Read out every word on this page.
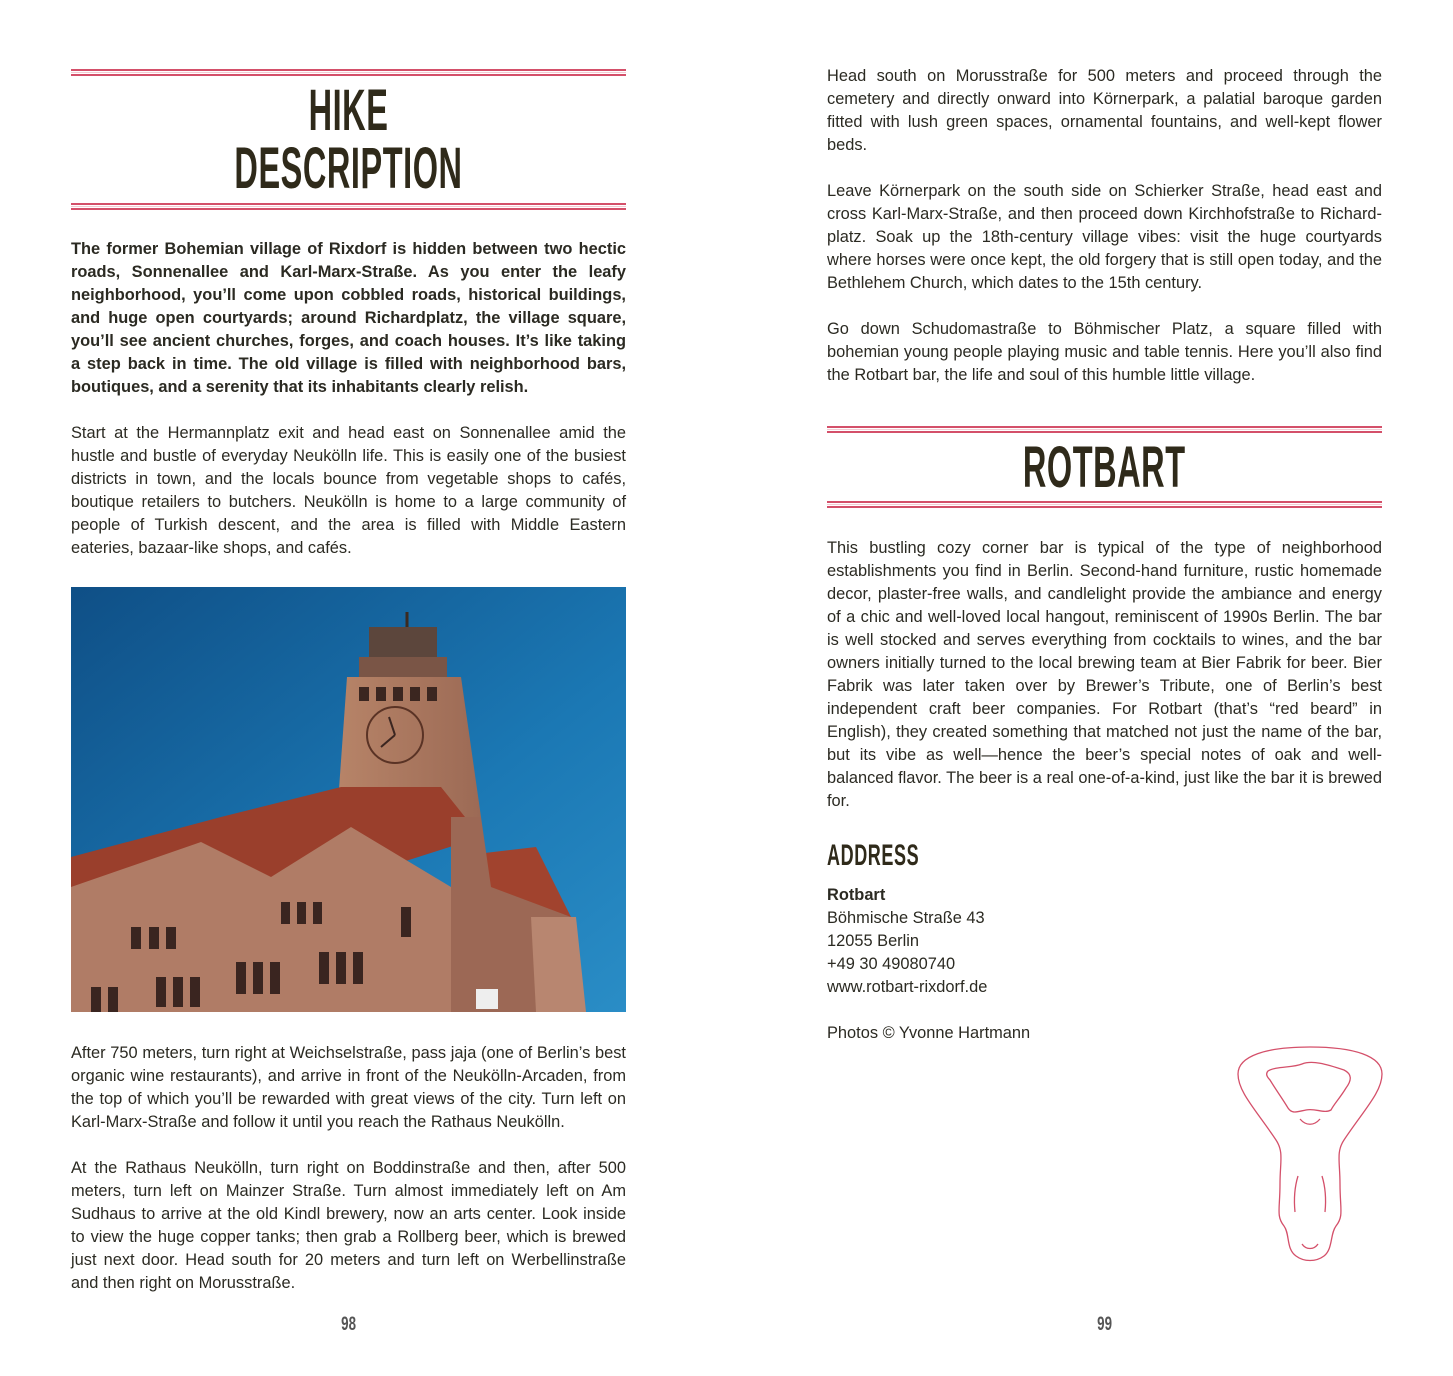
HIKE DESCRIPTION

The former Bohemian village of Rixdorf is hidden between two hectic roads, Sonnenallee and Karl-Marx-Straße. As you enter the leafy neighborhood, you’ll come upon cobbled roads, historical buildings, and huge open courtyards; around Richardplatz, the village square, you’ll see ancient churches, forges, and coach houses. It’s like taking a step back in time. The old village is filled with neighborhood bars, boutiques, and a serenity that its inhabitants clearly relish.

Start at the Hermannplatz exit and head east on Sonnenallee amid the hustle and bustle of everyday Neukölln life. This is easily one of the busiest districts in town, and the locals bounce from vegetable shops to cafés, boutique retailers to butchers. Neukölln is home to a large community of people of Turkish descent, and the area is filled with Middle Eastern eateries, bazaar-like shops, and cafés.

After 750 meters, turn right at Weichselstraße, pass jaja (one of Berlin’s best organic wine restaurants), and arrive in front of the Neukölln-Arcaden, from the top of which you’ll be rewarded with great views of the city. Turn left on Karl-Marx-Straße and follow it until you reach the Rathaus Neukölln.

At the Rathaus Neukölln, turn right on Boddinstraße and then, after 500 meters, turn left on Mainzer Straße. Turn almost immediately left on Am Sudhaus to arrive at the old Kindl brewery, now an arts center. Look inside to view the huge copper tanks; then grab a Rollberg beer, which is brewed just next door. Head south for 20 meters and turn left on Werbellinstraße and then right on Morusstraße.

98

Head south on Morusstraße for 500 meters and proceed through the cemetery and directly onward into Körnerpark, a palatial baroque garden fitted with lush green spaces, ornamental fountains, and well-kept flower beds.

Leave Körnerpark on the south side on Schierker Straße, head east and cross Karl-Marx-Straße, and then proceed down Kirchhofstraße to Richardplatz. Soak up the 18th-century village vibes: visit the huge courtyards where horses were once kept, the old forgery that is still open today, and the Bethlehem Church, which dates to the 15th century.

Go down Schudomastraße to Böhmischer Platz, a square filled with bohemian young people playing music and table tennis. Here you’ll also find the Rotbart bar, the life and soul of this humble little village.

ROTBART

This bustling cozy corner bar is typical of the type of neighborhood establishments you find in Berlin. Second-hand furniture, rustic homemade decor, plaster-free walls, and candlelight provide the ambiance and energy of a chic and well-loved local hangout, reminiscent of 1990s Berlin. The bar is well stocked and serves everything from cocktails to wines, and the bar owners initially turned to the local brewing team at Bier Fabrik for beer. Bier Fabrik was later taken over by Brewer’s Tribute, one of Berlin’s best independent craft beer companies. For Rotbart (that’s “red beard” in English), they created something that matched not just the name of the bar, but its vibe as well—hence the beer’s special notes of oak and well-balanced flavor. The beer is a real one-of-a-kind, just like the bar it is brewed for.

ADDRESS
Rotbart
Böhmische Straße 43
12055 Berlin
+49 30 49080740
www.rotbart-rixdorf.de
Photos © Yvonne Hartmann
99
